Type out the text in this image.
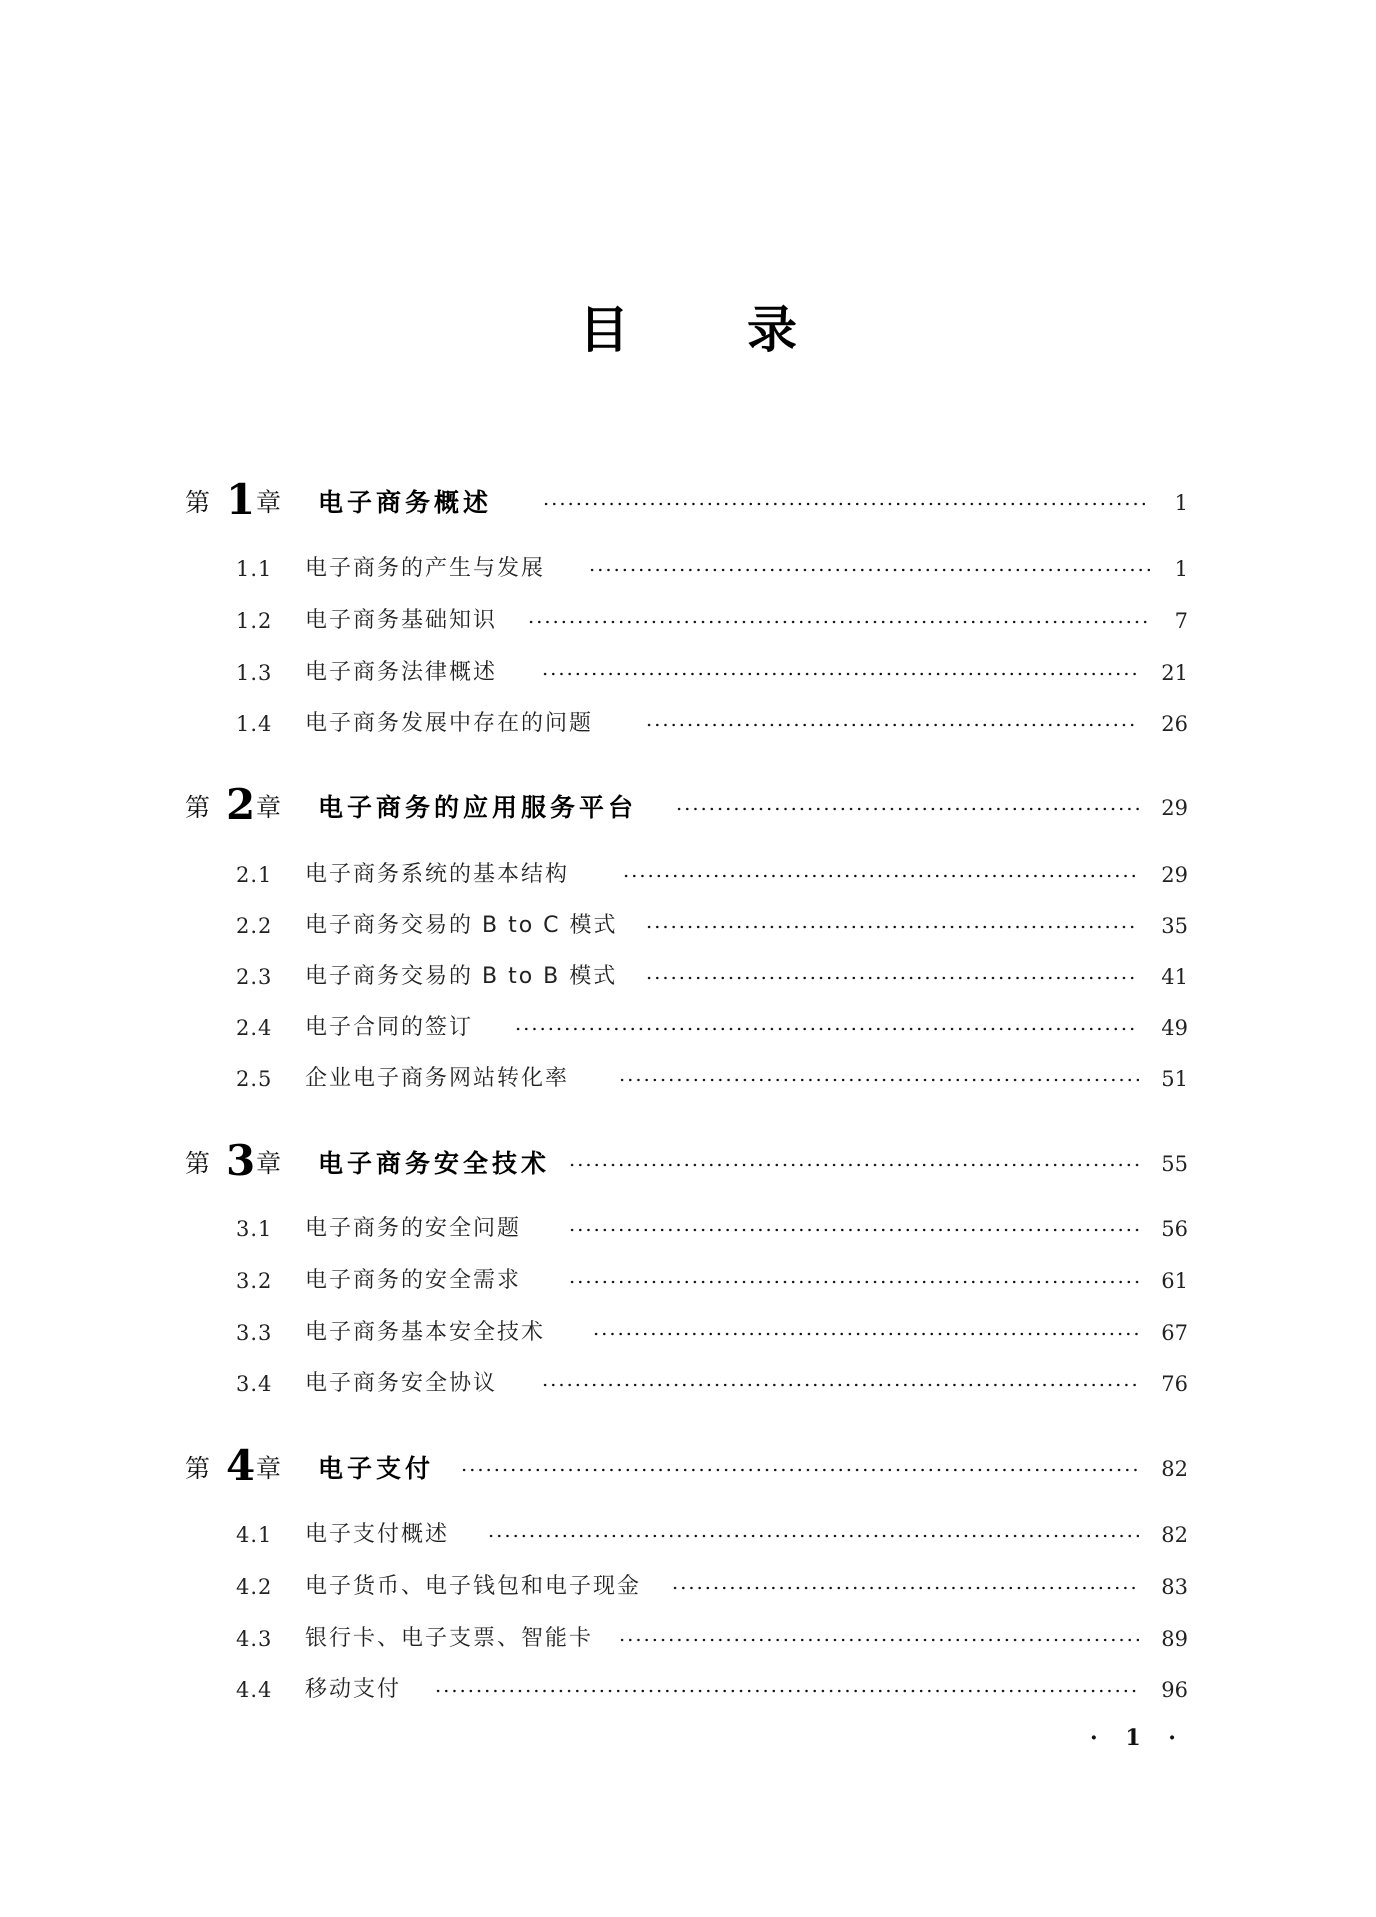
目 录
第 1 章 电子商务概述	1
1.1 电子商务的产生与发展	1
1.2 电子商务基础知识	7
1.3 电子商务法律概述	21
1.4 电子商务发展中存在的问题	26
第 2 章 电子商务的应用服务平台	29
2.1 电子商务系统的基本结构	29
2.2 电子商务交易的 B to C 模式	35
2.3 电子商务交易的 B to B 模式	41
2.4 电子合同的签订	49
2.5 企业电子商务网站转化率	51
第 3 章 电子商务安全技术	55
3.1 电子商务的安全问题	56
3.2 电子商务的安全需求	61
3.3 电子商务基本安全技术	67
3.4 电子商务安全协议	76
第 4 章 电子支付	82
4.1 电子支付概述	82
4.2 电子货币、电子钱包和电子现金	83
4.3 银行卡、电子支票、智能卡	89
4.4 移动支付	96
· 1 ·
